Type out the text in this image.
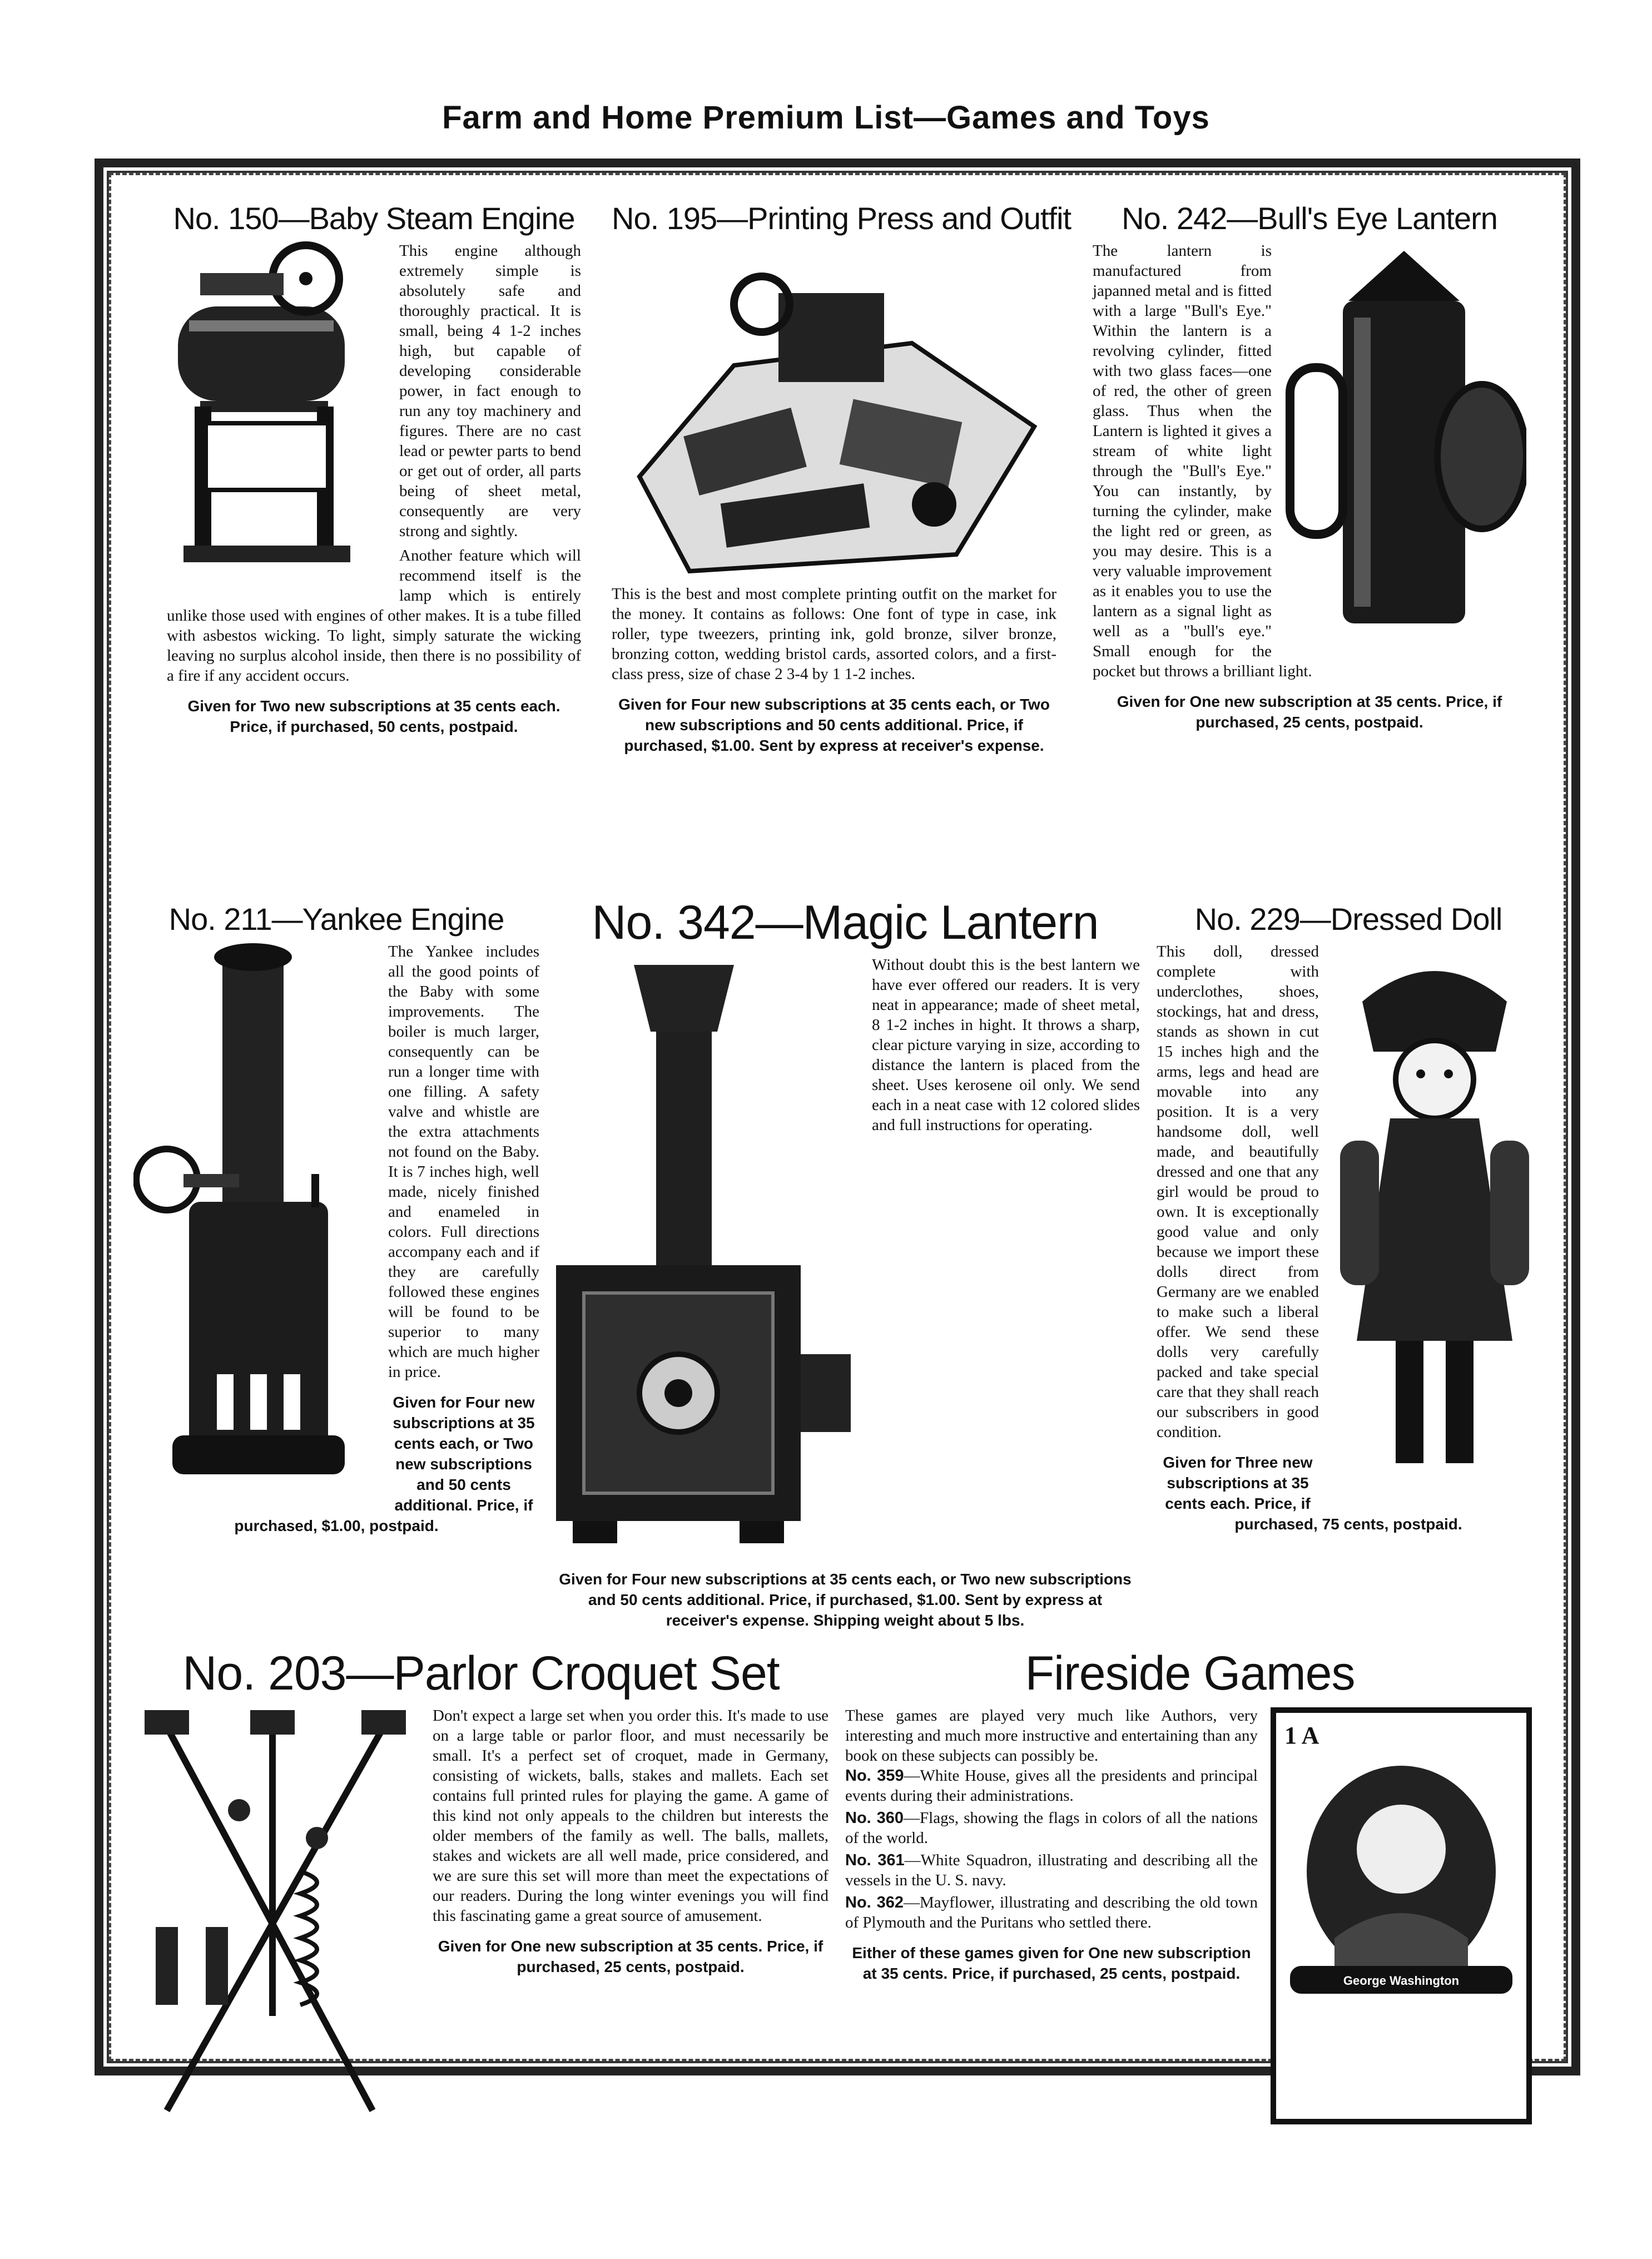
Farm and Home Premium List—Games and Toys
No. 150—Baby Steam Engine

This engine although extremely simple is absolutely safe and thoroughly practical. It is small, being 4 1-2 inches high, but capable of developing considerable power, in fact enough to run any toy machinery and figures. There are no cast lead or pewter parts to bend or get out of order, all parts being of sheet metal, consequently are very strong and sightly.

Another feature which will recommend itself is the lamp which is entirely unlike those used with engines of other makes. It is a tube filled with asbestos wicking. To light, simply saturate the wicking leaving no surplus alcohol inside, then there is no possibility of a fire if any accident occurs.

Given for Two new subscriptions at 35 cents each. Price, if purchased, 50 cents, postpaid.
No. 195—Printing Press and Outfit

This is the best and most complete printing outfit on the market for the money. It contains as follows: One font of type in case, ink roller, type tweezers, printing ink, gold bronze, silver bronze, bronzing cotton, wedding bristol cards, assorted colors, and a first-class press, size of chase 2 3-4 by 1 1-2 inches.

Given for Four new subscriptions at 35 cents each, or Two new subscriptions and 50 cents additional. Price, if purchased, $1.00. Sent by express at receiver's expense.
No. 242—Bull's Eye Lantern

The lantern is manufactured from japanned metal and is fitted with a large "Bull's Eye." Within the lantern is a revolving cylinder, fitted with two glass faces—one of red, the other of green glass. Thus when the Lantern is lighted it gives a stream of white light through the "Bull's Eye." You can instantly, by turning the cylinder, make the light red or green, as you may desire. This is a very valuable improvement as it enables you to use the lantern as a signal light as well as a "bull's eye." Small enough for the pocket but throws a brilliant light.

Given for One new subscription at 35 cents. Price, if purchased, 25 cents, postpaid.
No. 211—Yankee Engine

The Yankee includes all the good points of the Baby with some improvements. The boiler is much larger, consequently can be run a longer time with one filling. A safety valve and whistle are the extra attachments not found on the Baby. It is 7 inches high, well made, nicely finished and enameled in colors. Full directions accompany each and if they are carefully followed these engines will be found to be superior to many which are much higher in price.

Given for Four new subscriptions at 35 cents each, or Two new subscriptions and 50 cents additional. Price, if purchased, $1.00, postpaid.
No. 342—Magic Lantern

Without doubt this is the best lantern we have ever offered our readers. It is very neat in appearance; made of sheet metal, 8 1-2 inches in hight. It throws a sharp, clear picture varying in size, according to distance the lantern is placed from the sheet. Uses kerosene oil only. We send each in a neat case with 12 colored slides and full instructions for operating.

Given for Four new subscriptions at 35 cents each, or Two new subscriptions and 50 cents additional. Price, if purchased, $1.00. Sent by express at receiver's expense. Shipping weight about 5 lbs.
No. 229—Dressed Doll

This doll, dressed complete with underclothes, shoes, stockings, hat and dress, stands as shown in cut 15 inches high and the arms, legs and head are movable into any position. It is a very handsome doll, well made, and beautifully dressed and one that any girl would be proud to own. It is exceptionally good value and only because we import these dolls direct from Germany are we enabled to make such a liberal offer. We send these dolls very carefully packed and take special care that they shall reach our subscribers in good condition.

Given for Three new subscriptions at 35 cents each. Price, if purchased, 75 cents, postpaid.
No. 203—Parlor Croquet Set

Don't expect a large set when you order this. It's made to use on a large table or parlor floor, and must necessarily be small. It's a perfect set of croquet, made in Germany, consisting of wickets, balls, stakes and mallets. Each set contains full printed rules for playing the game. A game of this kind not only appeals to the children but interests the older members of the family as well. The balls, mallets, stakes and wickets are all well made, price considered, and we are sure this set will more than meet the expectations of our readers. During the long winter evenings you will find this fascinating game a great source of amusement.

Given for One new subscription at 35 cents. Price, if purchased, 25 cents, postpaid.
Fireside Games
1 A
George Washington

These games are played very much like Authors, very interesting and much more instructive and entertaining than any book on these subjects can possibly be.

No. 359—White House, gives all the presidents and principal events during their administrations.
No. 360—Flags, showing the flags in colors of all the nations of the world.
No. 361—White Squadron, illustrating and describing all the vessels in the U. S. navy.
No. 362—Mayflower, illustrating and describing the old town of Plymouth and the Puritans who settled there.
Either of these games given for One new subscription at 35 cents. Price, if purchased, 25 cents, postpaid.
